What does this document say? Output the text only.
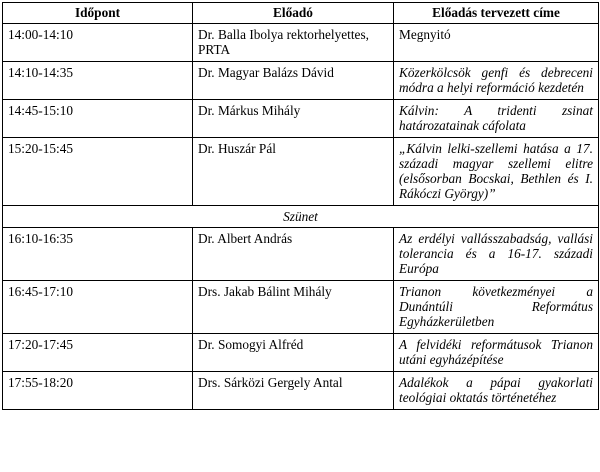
Időpont	Előadó	Előadás tervezett címe
14:00-14:10	Dr. Balla Ibolya rektorhelyettes, PRTA	Megnyitó
14:10-14:35	Dr. Magyar Balázs Dávid	Közerkölcsök genfi és debreceni módra a helyi reformáció kezdetén
14:45-15:10	Dr. Márkus Mihály	Kálvin: A tridenti zsinat határozatainak cáfolata
15:20-15:45	Dr. Huszár Pál	„Kálvin lelki-szellemi hatása a 17. századi magyar szellemi elitre (elsősorban Bocskai, Bethlen és I. Rákóczi György)”
Szünet		
16:10-16:35	Dr. Albert András	Az erdélyi vallásszabadság, vallási tolerancia és a 16-17. századi Európa
16:45-17:10	Drs. Jakab Bálint Mihály	Trianon következményei a Dunántúli Református Egyházkerületben
17:20-17:45	Dr. Somogyi Alfréd	A felvidéki reformátusok Trianon utáni egyházépítése
17:55-18:20	Drs. Sárközi Gergely Antal	Adalékok a pápai gyakorlati teológiai oktatás történetéhez
